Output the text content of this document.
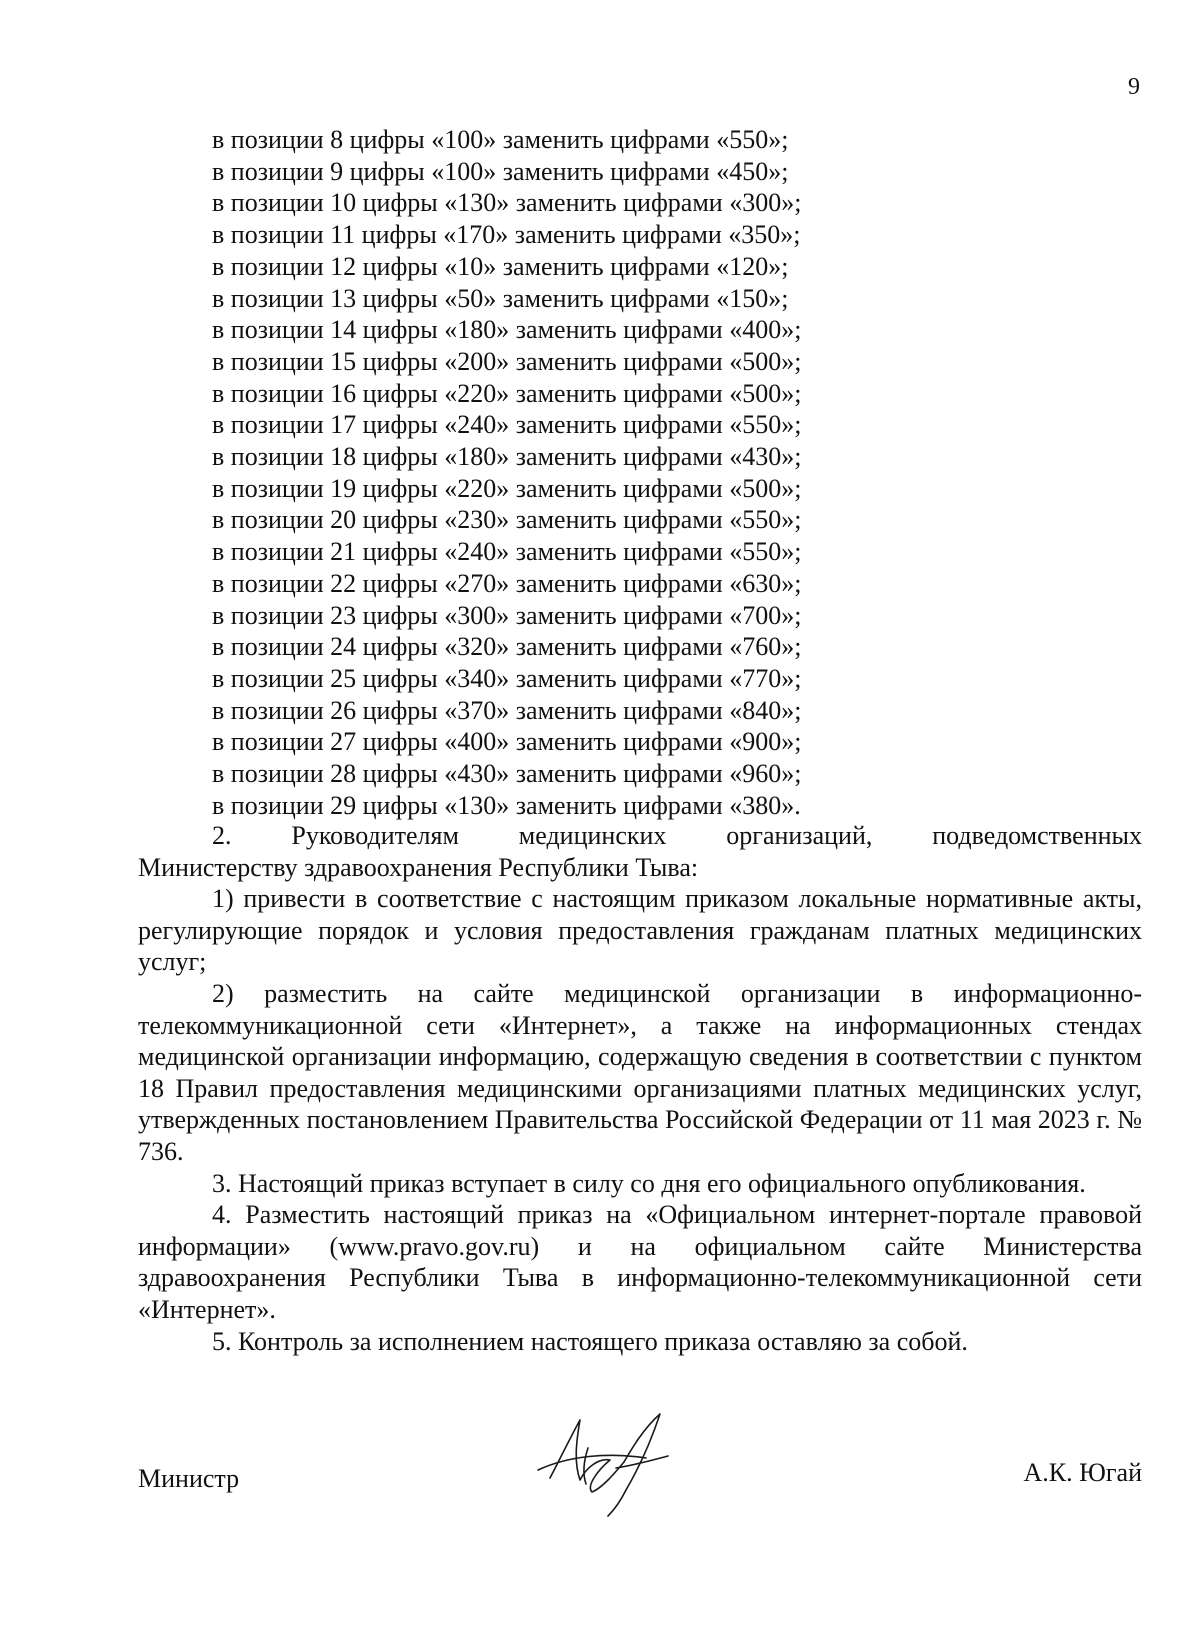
9
в позиции 8 цифры «100» заменить цифрами «550»;
в позиции 9 цифры «100» заменить цифрами «450»;
в позиции 10 цифры «130» заменить цифрами «300»;
в позиции 11 цифры «170» заменить цифрами «350»;
в позиции 12 цифры «10» заменить цифрами «120»;
в позиции 13 цифры «50» заменить цифрами «150»;
в позиции 14 цифры «180» заменить цифрами «400»;
в позиции 15 цифры «200» заменить цифрами «500»;
в позиции 16 цифры «220» заменить цифрами «500»;
в позиции 17 цифры «240» заменить цифрами «550»;
в позиции 18 цифры «180» заменить цифрами «430»;
в позиции 19 цифры «220» заменить цифрами «500»;
в позиции 20 цифры «230» заменить цифрами «550»;
в позиции 21 цифры «240» заменить цифрами «550»;
в позиции 22 цифры «270» заменить цифрами «630»;
в позиции 23 цифры «300» заменить цифрами «700»;
в позиции 24 цифры «320» заменить цифрами «760»;
в позиции 25 цифры «340» заменить цифрами «770»;
в позиции 26 цифры «370» заменить цифрами «840»;
в позиции 27 цифры «400» заменить цифрами «900»;
в позиции 28 цифры «430» заменить цифрами «960»;
в позиции 29 цифры «130» заменить цифрами «380».

2. Руководителям медицинских организаций, подведомственных

Министерству здравоохранения Республики Тыва:

1) привести в соответствие с настоящим приказом локальные нормативные акты, регулирующие порядок и условия предоставления гражданам платных медицинских услуг;

2) разместить на сайте медицинской организации в информационно-телекоммуникационной сети «Интернет», а также на информационных стендах медицинской организации информацию, содержащую сведения в соответствии с пунктом 18 Правил предоставления медицинскими организациями платных медицинских услуг, утвержденных постановлением Правительства Российской Федерации от 11 мая 2023 г. № 736.

3. Настоящий приказ вступает в силу со дня его официального опубликования.

4. Разместить настоящий приказ на «Официальном интернет-портале правовой информации» (www.pravo.gov.ru) и на официальном сайте Министерства здравоохранения Республики Тыва в информационно-телекоммуникационной сети «Интернет».

5. Контроль за исполнением настоящего приказа оставляю за собой.

Министр	А.К. Югай
